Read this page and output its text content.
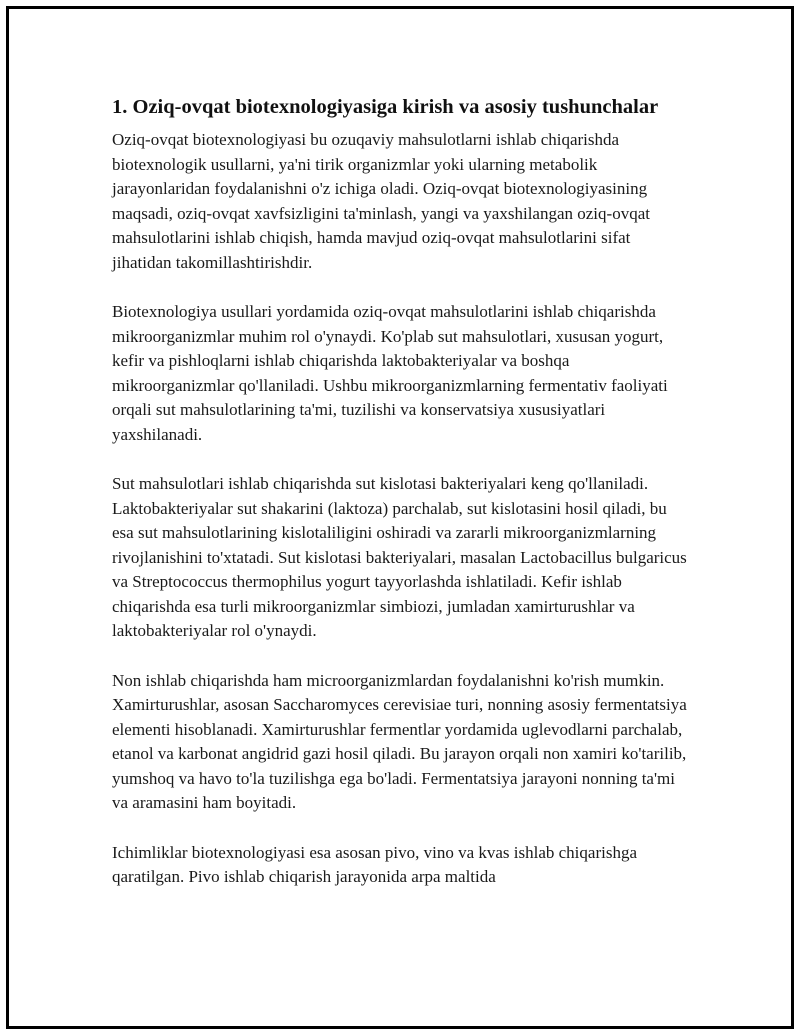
1. Oziq-ovqat biotexnologiyasiga kirish va asosiy tushunchalar

Oziq-ovqat biotexnologiyasi bu ozuqaviy mahsulotlarni ishlab chiqarishda biotexnologik usullarni, ya'ni tirik organizmlar yoki ularning metabolik jarayonlaridan foydalanishni o'z ichiga oladi. Oziq-ovqat biotexnologiyasining maqsadi, oziq-ovqat xavfsizligini ta'minlash, yangi va yaxshilangan oziq-ovqat mahsulotlarini ishlab chiqish, hamda mavjud oziq-ovqat mahsulotlarini sifat jihatidan takomillashtirishdir.

Biotexnologiya usullari yordamida oziq-ovqat mahsulotlarini ishlab chiqarishda mikroorganizmlar muhim rol o'ynaydi. Ko'plab sut mahsulotlari, xususan yogurt, kefir va pishloqlarni ishlab chiqarishda laktobakteriyalar va boshqa mikroorganizmlar qo'llaniladi. Ushbu mikroorganizmlarning fermentativ faoliyati orqali sut mahsulotlarining ta'mi, tuzilishi va konservatsiya xususiyatlari yaxshilanadi.

Sut mahsulotlari ishlab chiqarishda sut kislotasi bakteriyalari keng qo'llaniladi. Laktobakteriyalar sut shakarini (laktoza) parchalab, sut kislotasini hosil qiladi, bu esa sut mahsulotlarining kislotaliligini oshiradi va zararli mikroorganizmlarning rivojlanishini to'xtatadi. Sut kislotasi bakteriyalari, masalan Lactobacillus bulgaricus va Streptococcus thermophilus yogurt tayyorlashda ishlatiladi. Kefir ishlab chiqarishda esa turli mikroorganizmlar simbiozi, jumladan xamirturushlar va laktobakteriyalar rol o'ynaydi.

Non ishlab chiqarishda ham microorganizmlardan foydalanishni ko'rish mumkin. Xamirturushlar, asosan Saccharomyces cerevisiae turi, nonning asosiy fermentatsiya elementi hisoblanadi. Xamirturushlar fermentlar yordamida uglevodlarni parchalab, etanol va karbonat angidrid gazi hosil qiladi. Bu jarayon orqali non xamiri ko'tarilib, yumshoq va havo to'la tuzilishga ega bo'ladi. Fermentatsiya jarayoni nonning ta'mi va aramasini ham boyitadi.

Ichimliklar biotexnologiyasi esa asosan pivo, vino va kvas ishlab chiqarishga qaratilgan. Pivo ishlab chiqarish jarayonida arpa maltida
